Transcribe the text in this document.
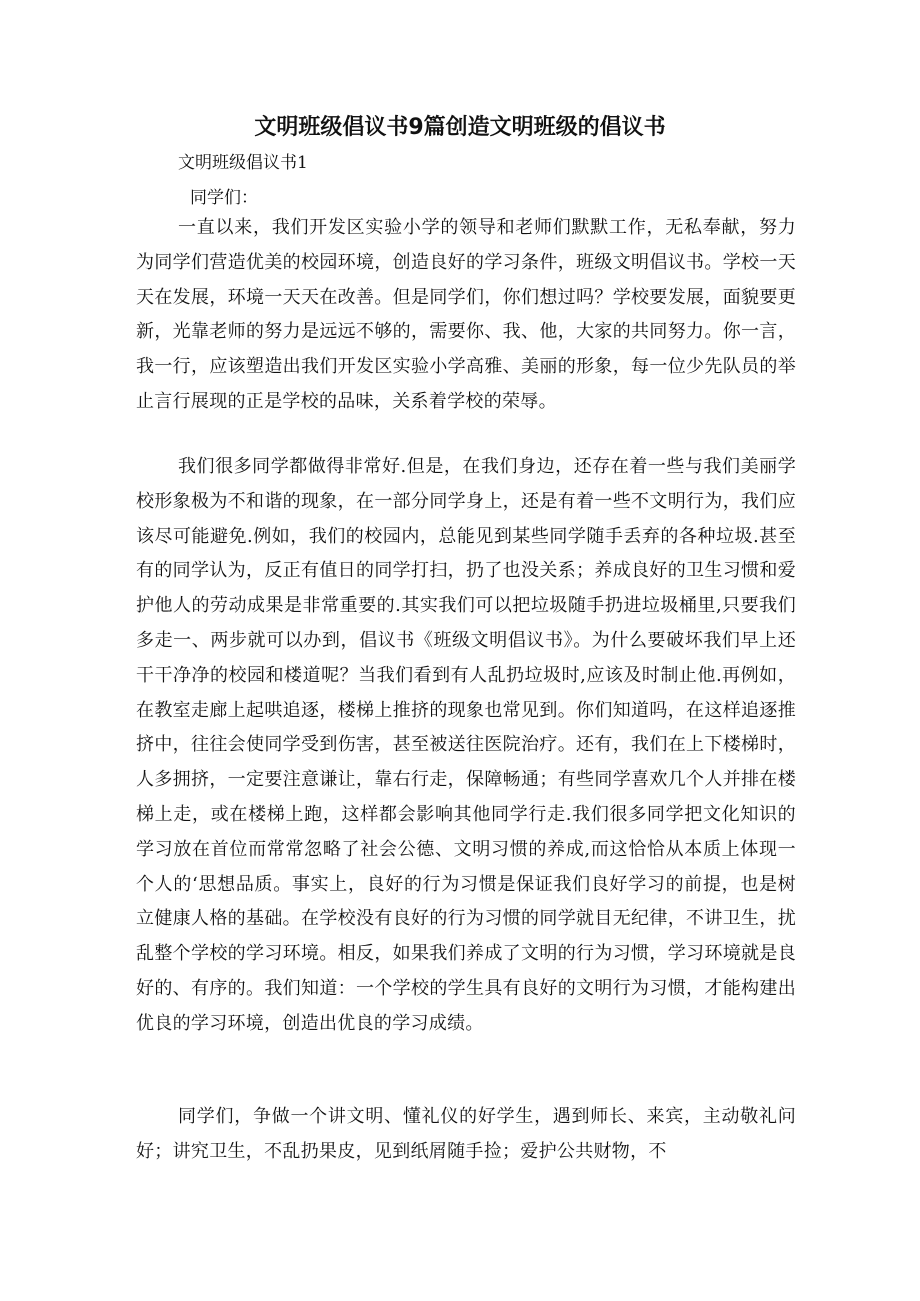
文明班级倡议书9篇创造文明班级的倡议书
文明班级倡议书1
同学们：

一直以来，我们开发区实验小学的领导和老师们默默工作，无私奉献，努力为同学们营造优美的校园环境，创造良好的学习条件，班级文明倡议书。学校一天天在发展，环境一天天在改善。但是同学们，你们想过吗？学校要发展，面貌要更新，光靠老师的努力是远远不够的，需要你、我、他，大家的共同努力。你一言，我一行，应该塑造出我们开发区实验小学高雅、美丽的形象，每一位少先队员的举止言行展现的正是学校的品味，关系着学校的荣辱。

我们很多同学都做得非常好.但是，在我们身边，还存在着一些与我们美丽学校形象极为不和谐的现象，在一部分同学身上，还是有着一些不文明行为，我们应该尽可能避免.例如，我们的校园内，总能见到某些同学随手丢弃的各种垃圾.甚至有的同学认为，反正有值日的同学打扫，扔了也没关系；养成良好的卫生习惯和爱护他人的劳动成果是非常重要的.其实我们可以把垃圾随手扔进垃圾桶里,只要我们多走一、两步就可以办到，倡议书《班级文明倡议书》。为什么要破坏我们早上还干干净净的校园和楼道呢？当我们看到有人乱扔垃圾时,应该及时制止他.再例如，在教室走廊上起哄追逐，楼梯上推挤的现象也常见到。你们知道吗，在这样追逐推挤中，往往会使同学受到伤害，甚至被送往医院治疗。还有，我们在上下楼梯时，人多拥挤，一定要注意谦让，靠右行走，保障畅通；有些同学喜欢几个人并排在楼梯上走，或在楼梯上跑，这样都会影响其他同学行走.我们很多同学把文化知识的学习放在首位而常常忽略了社会公德、文明习惯的养成,而这恰恰从本质上体现一个人的‘思想品质。事实上，良好的行为习惯是保证我们良好学习的前提，也是树立健康人格的基础。在学校没有良好的行为习惯的同学就目无纪律，不讲卫生，扰乱整个学校的学习环境。相反，如果我们养成了文明的行为习惯，学习环境就是良好的、有序的。我们知道：一个学校的学生具有良好的文明行为习惯，才能构建出优良的学习环境，创造出优良的学习成绩。

同学们，争做一个讲文明、懂礼仪的好学生，遇到师长、来宾，主动敬礼问好；讲究卫生，不乱扔果皮，见到纸屑随手捡；爱护公共财物，不
